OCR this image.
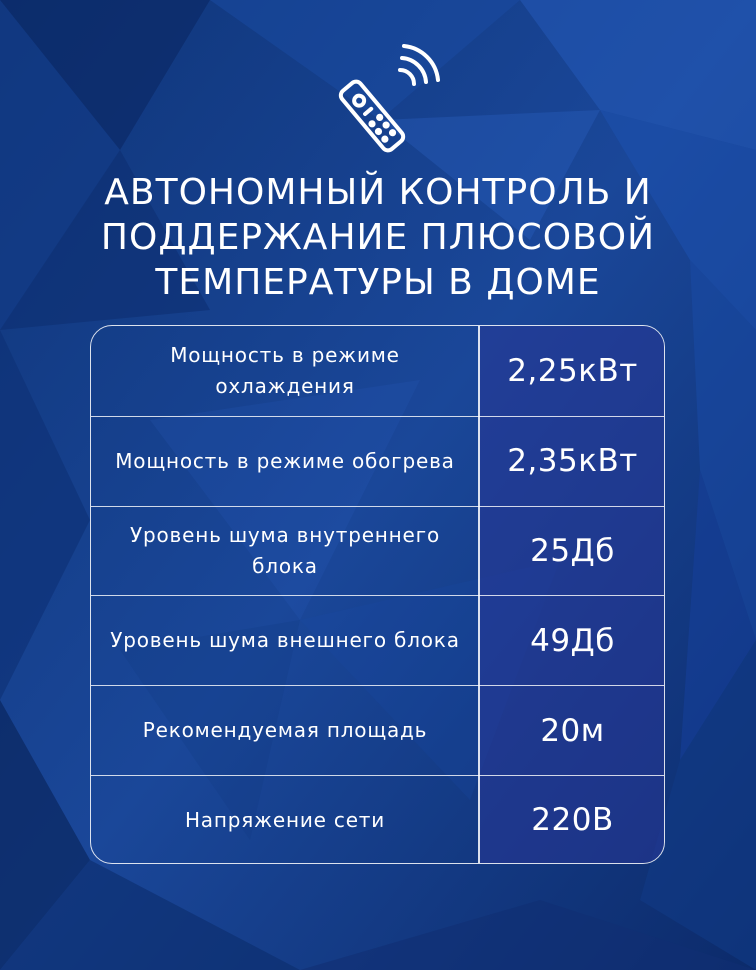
АВТОНОМНЫЙ КОНТРОЛЬ И
ПОДДЕРЖАНИЕ ПЛЮСОВОЙ
ТЕМПЕРАТУРЫ В ДОМЕ
Мощность в режиме охлаждения	2,25кВт
Мощность в режиме обогрева	2,35кВт
Уровень шума внутреннего блока	25Дб
Уровень шума внешнего блока	49Дб
Рекомендуемая площадь	20м
Напряжение сети	220В
